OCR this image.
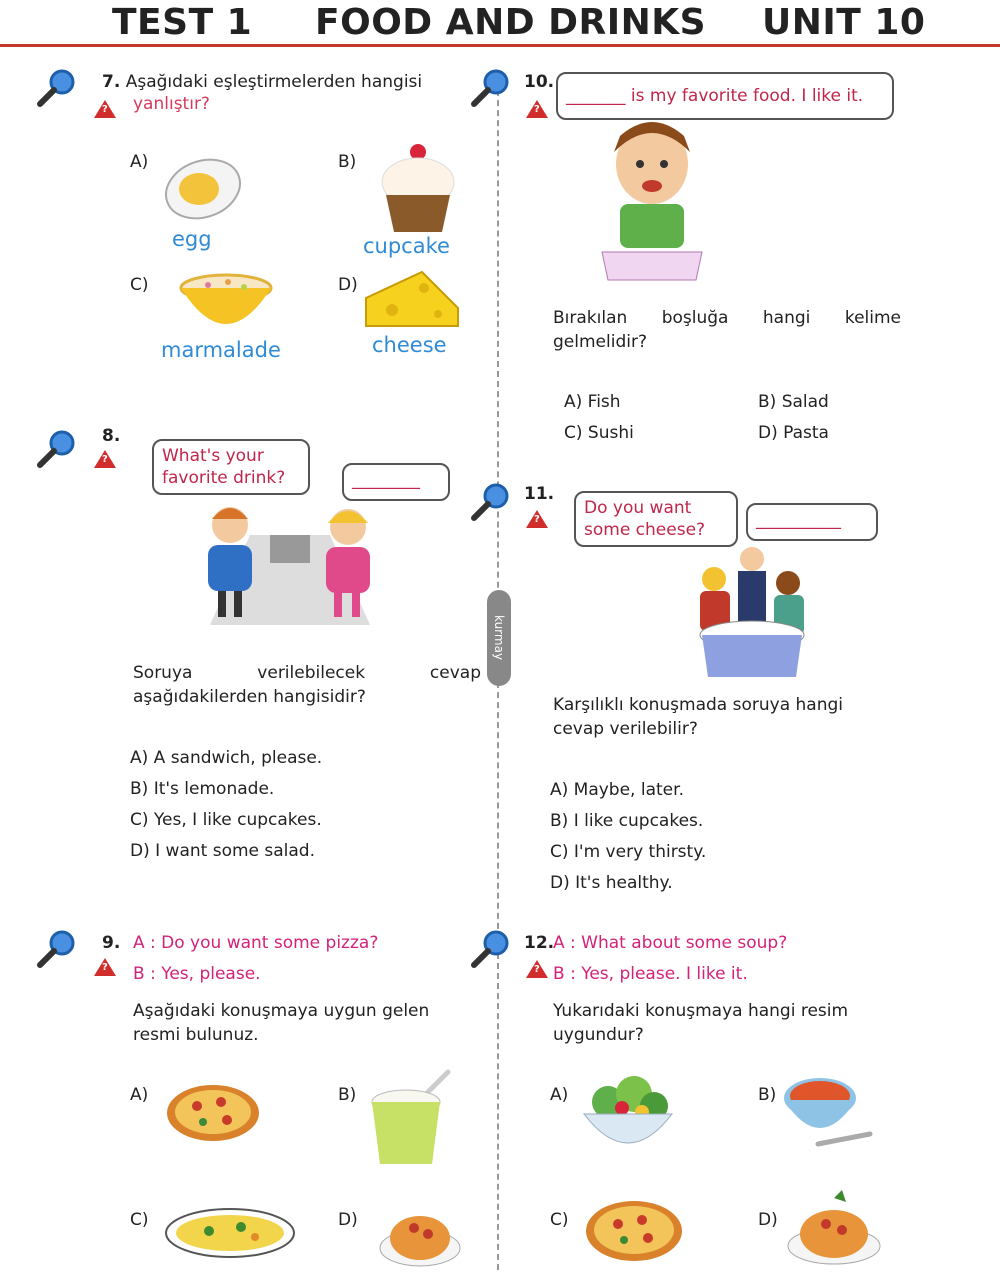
TEST 1 FOOD AND DRINKS UNIT 10
kurmay
?
7. Aşağıdaki eşleştirmelerden hangisi
yanlıştır?
A)
egg
B)
cupcake
C)
marmalade
D)
cheese
?
8.
What's your
favorite drink?	________
Soruya verilebilecek cevap
aşağıdakilerden hangisidir?
A) A sandwich, please.
B) It's lemonade.
C) Yes, I like cupcakes.
D) I want some salad.
?
9. A : Do you want some pizza?
B : Yes, please.
Aşağıdaki konuşmaya uygun gelen
resmi bulunuz.
A)	B)
C)	D)
?
10.
_______ is my favorite food. I like it.
Bırakılan boşluğa hangi kelime
gelmelidir?
A) Fish	B) Salad
C) Sushi	D) Pasta
?
11.
Do you want
some cheese?	__________
Karşılıklı konuşmada soruya hangi
cevap verilebilir?
A) Maybe, later.
B) I like cupcakes.
C) I'm very thirsty.
D) It's healthy.
?
12.
A : What about some soup?
B : Yes, please. I like it.
Yukarıdaki konuşmaya hangi resim
uygundur?
A)	B)
C)	D)
